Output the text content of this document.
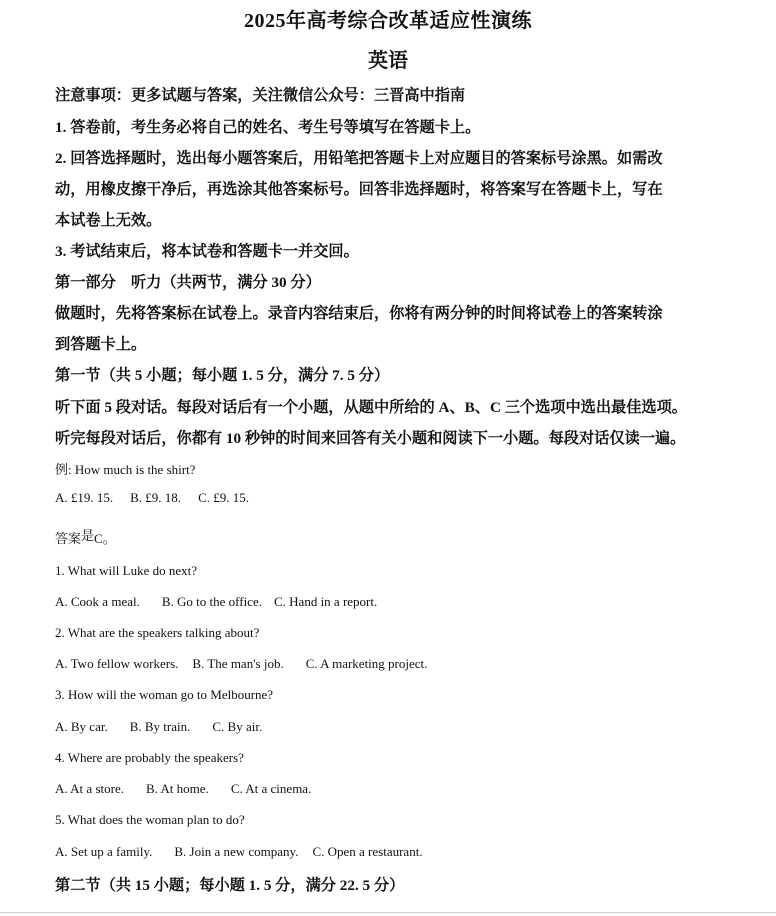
2025年高考综合改革适应性演练
英语
注意事项：更多试题与答案，关注微信公众号：三晋高中指南
1. 答卷前，考生务必将自己的姓名、考生号等填写在答题卡上。
2. 回答选择题时，选出每小题答案后，用铅笔把答题卡上对应题目的答案标号涂黑。如需改
动，用橡皮擦干净后，再选涂其他答案标号。回答非选择题时，将答案写在答题卡上，写在
本试卷上无效。
3. 考试结束后，将本试卷和答题卡一并交回。
第一部分　听力（共两节，满分 30 分）
做题时，先将答案标在试卷上。录音内容结束后，你将有两分钟的时间将试卷上的答案转涂
到答题卡上。
第一节（共 5 小题；每小题 1. 5 分，满分 7. 5 分）
听下面 5 段对话。每段对话后有一个小题，从题中所给的 A、B、C 三个选项中选出最佳选项。
听完每段对话后，你都有 10 秒钟的时间来回答有关小题和阅读下一小题。每段对话仅读一遍。
例: How much is the shirt?
A. £19. 15. B. £9. 18. C. £9. 15.
答案是C。
1. What will Luke do next?
A. Cook a meal. B. Go to the office. C. Hand in a report.
2. What are the speakers talking about?
A. Two fellow workers. B. The man's job. C. A marketing project.
3. How will the woman go to Melbourne?
A. By car. B. By train. C. By air.
4. Where are probably the speakers?
A. At a store. B. At home. C. At a cinema.
5. What does the woman plan to do?
A. Set up a family. B. Join a new company. C. Open a restaurant.
第二节（共 15 小题；每小题 1. 5 分，满分 22. 5 分）
